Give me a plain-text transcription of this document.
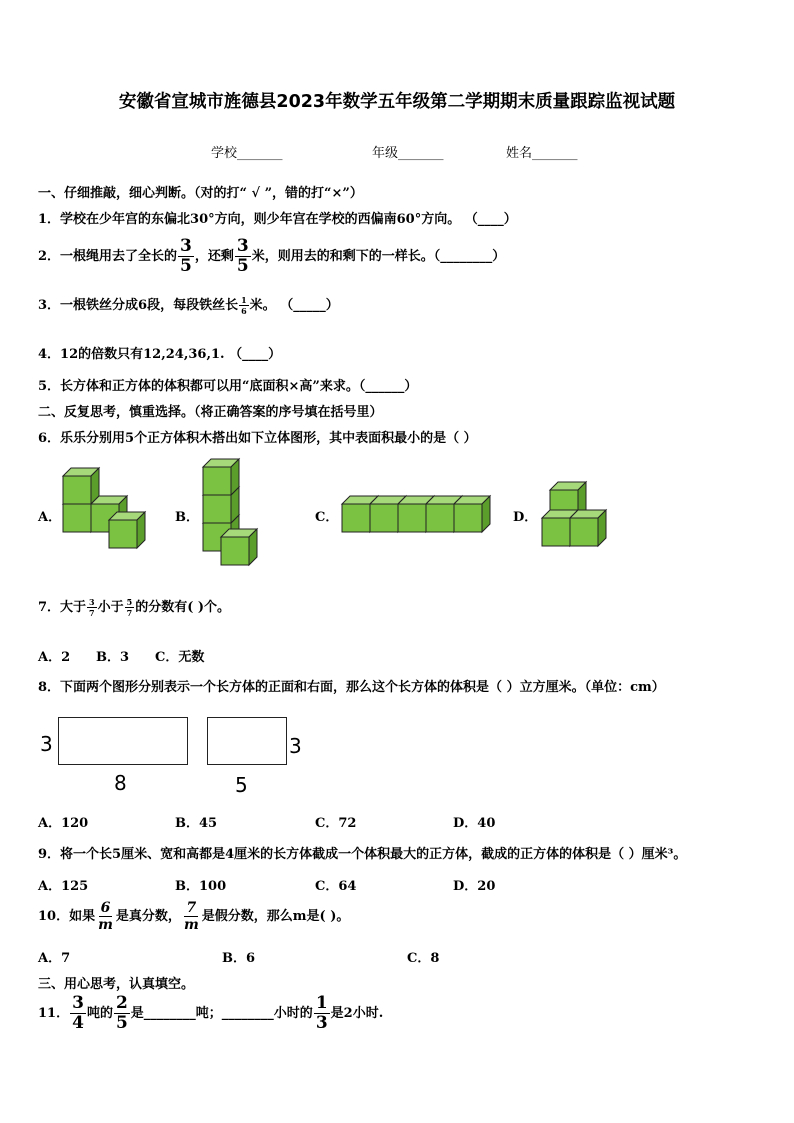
安徽省宣城市旌德县2023年数学五年级第二学期期末质量跟踪监视试题
学校_______	年级_______	姓名_______
一、仔细推敲，细心判断。（对的打“ √ ”，错的打“×”）
1．学校在少年宫的东偏北30°方向，则少年宫在学校的西偏南60°方向。 （____）
2．一根绳用去了全长的 $\frac{3}{5}$ ，还剩 $\frac{3}{5}$ 米，则用去的和剩下的一样长。（________）
3．一根铁丝分成6段，每段铁丝长 $\frac{1}{6}$ 米。 （_____）
4．12的倍数只有12,24,36,1. （____）
5．长方体和正方体的体积都可以用“底面积×高”来求。（______）
二、反复思考，慎重选择。（将正确答案的序号填在括号里）
6．乐乐分别用5个正方体积木搭出如下立体图形，其中表面积最小的是（ ）
A．	B．	C．	D．
7．大于 $\frac{3}{7}$ 小于 $\frac{5}{7}$ 的分数有( )个。
A．2 B．3 C．无数
8．下面两个图形分别表示一个长方体的正面和右面，那么这个长方体的体积是（ ）立方厘米。（单位：cm）
3
8
3
5
A．120	B．45	C．72	D．40
9．将一个长5厘米、宽和高都是4厘米的长方体截成一个体积最大的正方体，截成的正方体的体积是（ ）厘米³。
A．125	B．100	C．64	D．20
10．如果 $\frac{6}{m}$ 是真分数， $\frac{7}{m}$ 是假分数，那么m是( )。
A．7	B．6	C．8
三、用心思考，认真填空。
11． $\frac{3}{4}$ 吨的 $\frac{2}{5}$ 是________吨；________小时的 $\frac{1}{3}$ 是2小时.
